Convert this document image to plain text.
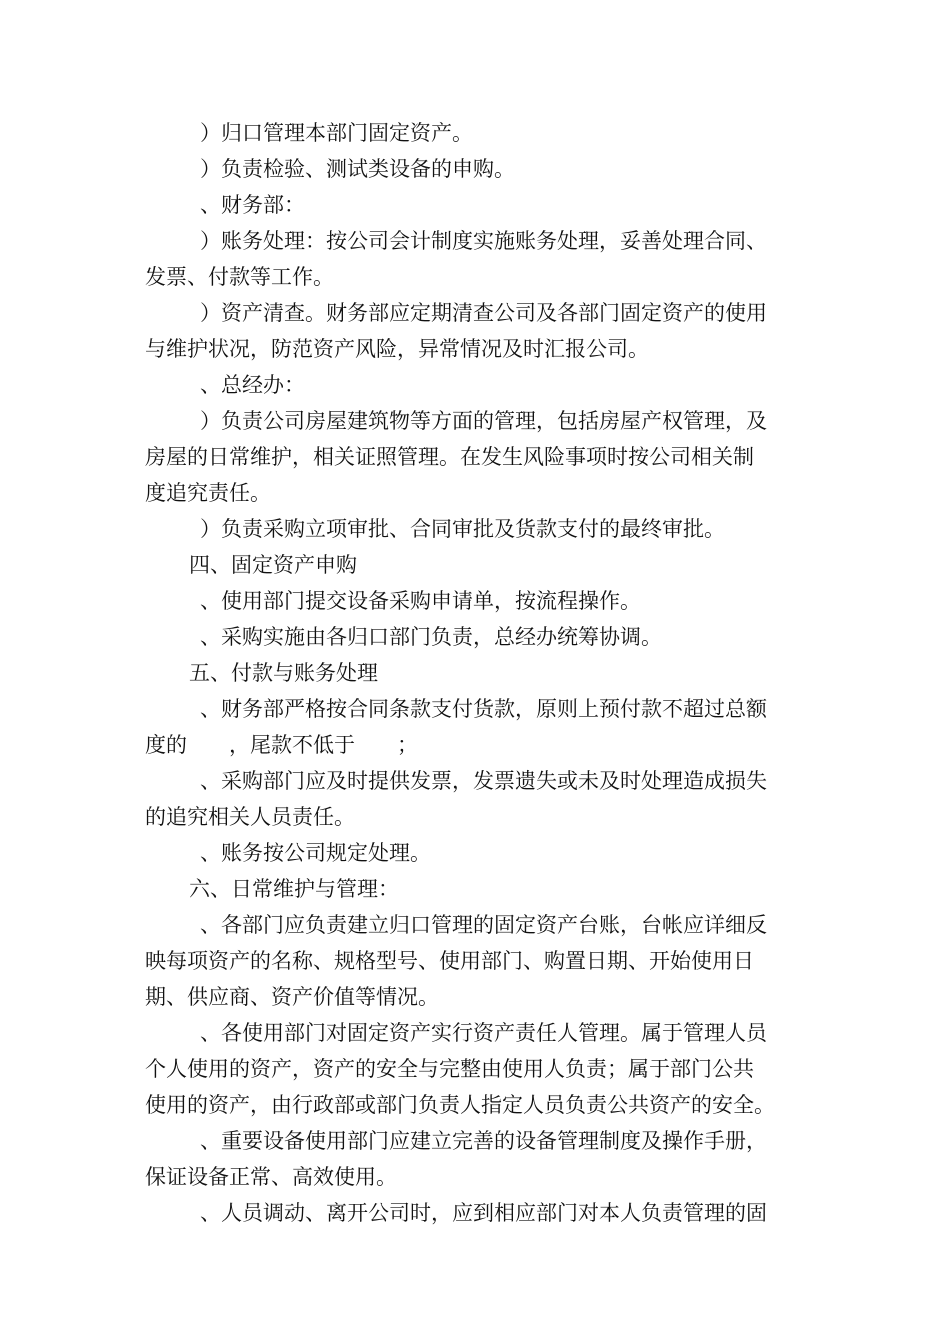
）归口管理本部门固定资产。
）负责检验、测试类设备的申购。
、财务部：
）账务处理：按公司会计制度实施账务处理，妥善处理合同、
发票、付款等工作。
）资产清查。财务部应定期清查公司及各部门固定资产的使用
与维护状况，防范资产风险，异常情况及时汇报公司。
、总经办：
）负责公司房屋建筑物等方面的管理，包括房屋产权管理，及
房屋的日常维护，相关证照管理。在发生风险事项时按公司相关制
度追究责任。
）负责采购立项审批、合同审批及货款支付的最终审批。
四、固定资产申购
、使用部门提交设备采购申请单，按流程操作。
、采购实施由各归口部门负责，总经办统筹协调。
五、付款与账务处理
、财务部严格按合同条款支付货款，原则上预付款不超过总额
度的　　，尾款不低于　　；
、采购部门应及时提供发票，发票遗失或未及时处理造成损失
的追究相关人员责任。
、账务按公司规定处理。
六、日常维护与管理：
、各部门应负责建立归口管理的固定资产台账，台帐应详细反
映每项资产的名称、规格型号、使用部门、购置日期、开始使用日
期、供应商、资产价值等情况。
、各使用部门对固定资产实行资产责任人管理。属于管理人员
个人使用的资产，资产的安全与完整由使用人负责；属于部门公共
使用的资产，由行政部或部门负责人指定人员负责公共资产的安全。
、重要设备使用部门应建立完善的设备管理制度及操作手册，
保证设备正常、高效使用。
、人员调动、离开公司时，应到相应部门对本人负责管理的固
